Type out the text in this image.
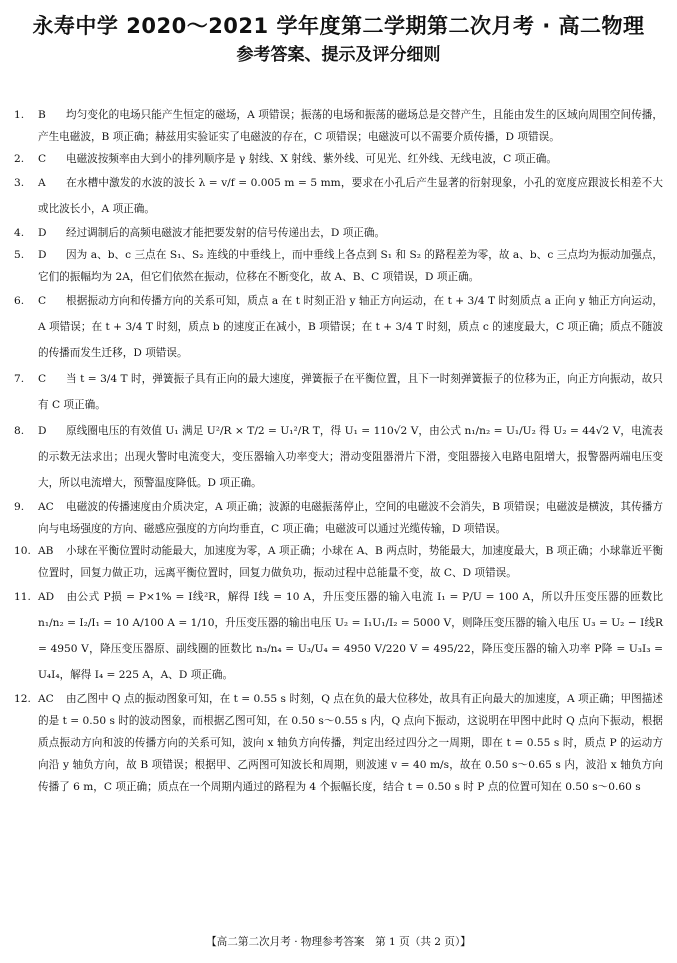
永寿中学 2020～2021 学年度第二学期第二次月考 · 高二物理
参考答案、提示及评分细则
1. B 均匀变化的电场只能产生恒定的磁场，A 项错误；振荡的电场和振荡的磁场总是交替产生，且能由发生的区域向周围空间传播，产生电磁波，B 项正确；赫兹用实验证实了电磁波的存在，C 项错误；电磁波可以不需要介质传播，D 项错误。
2. C 电磁波按频率由大到小的排列顺序是 γ 射线、X 射线、紫外线、可见光、红外线、无线电波，C 项正确。
3. A 在水槽中激发的水波的波长 λ = v/f = 0.005 m = 5 mm，要求在小孔后产生显著的衍射现象，小孔的宽度应跟波长相差不大或比波长小，A 项正确。
4. D 经过调制后的高频电磁波才能把要发射的信号传递出去，D 项正确。
5. D 因为 a、b、c 三点在 S₁、S₂ 连线的中垂线上，而中垂线上各点到 S₁ 和 S₂ 的路程差为零，故 a、b、c 三点均为振动加强点，它们的振幅均为 2A，但它们依然在振动，位移在不断变化，故 A、B、C 项错误，D 项正确。
6. C 根据振动方向和传播方向的关系可知，质点 a 在 t 时刻正沿 y 轴正方向运动，在 t + 3/4 T 时刻质点 a 正向 y 轴正方向运动，A 项错误；在 t + 3/4 T 时刻，质点 b 的速度正在减小，B 项错误；在 t + 3/4 T 时刻，质点 c 的速度最大，C 项正确；质点不随波的传播而发生迁移，D 项错误。
7. C 当 t = 3/4 T 时，弹簧振子具有正向的最大速度，弹簧振子在平衡位置，且下一时刻弹簧振子的位移为正，向正方向振动，故只有 C 项正确。
8. D 原线圈电压的有效值 U₁ 满足 U²/R × T/2 = U₁²/R T，得 U₁ = 110√2 V，由公式 n₁/n₂ = U₁/U₂ 得 U₂ = 44√2 V，电流表的示数无法求出；出现火警时电流变大，变压器输入功率变大；滑动变阻器滑片下滑，变阻器接入电路电阻增大，报警器两端电压变大，所以电流增大，预警温度降低。D 项正确。
9. AC 电磁波的传播速度由介质决定，A 项正确；波源的电磁振荡停止，空间的电磁波不会消失，B 项错误；电磁波是横波，其传播方向与电场强度的方向、磁感应强度的方向均垂直，C 项正确；电磁波可以通过光缆传输，D 项错误。
10. AB 小球在平衡位置时动能最大，加速度为零，A 项正确；小球在 A、B 两点时，势能最大，加速度最大，B 项正确；小球靠近平衡位置时，回复力做正功，远离平衡位置时，回复力做负功，振动过程中总能量不变，故 C、D 项错误。
11. AD 由公式 P损 = P×1% = I线²R，解得 I线 = 10 A，升压变压器的输入电流 I₁ = P/U = 100 A，所以升压变压器的匝数比 n₁/n₂ = I₂/I₁ = 10 A/100 A = 1/10，升压变压器的输出电压 U₂ = I₁U₁/I₂ = 5000 V，则降压变压器的输入电压 U₃ = U₂ − I线R = 4950 V，降压变压器原、副线圈的匝数比 n₃/n₄ = U₃/U₄ = 4950 V/220 V = 495/22，降压变压器的输入功率 P降 = U₃I₃ = U₄I₄，解得 I₄ = 225 A，A、D 项正确。
12. AC 由乙图中 Q 点的振动图象可知，在 t = 0.55 s 时刻，Q 点在负的最大位移处，故具有正向最大的加速度，A 项正确；甲图描述的是 t = 0.50 s 时的波动图象，而根据乙图可知，在 0.50 s～0.55 s 内，Q 点向下振动，这说明在甲图中此时 Q 点向下振动，根据质点振动方向和波的传播方向的关系可知，波向 x 轴负方向传播，判定出经过四分之一周期，即在 t = 0.55 s 时，质点 P 的运动方向沿 y 轴负方向，故 B 项错误；根据甲、乙两图可知波长和周期，则波速 v = 40 m/s，故在 0.50 s～0.65 s 内，波沿 x 轴负方向传播了 6 m，C 项正确；质点在一个周期内通过的路程为 4 个振幅长度，结合 t = 0.50 s 时 P 点的位置可知在 0.50 s～0.60 s
【高二第二次月考 · 物理参考答案　第 1 页（共 2 页）】
